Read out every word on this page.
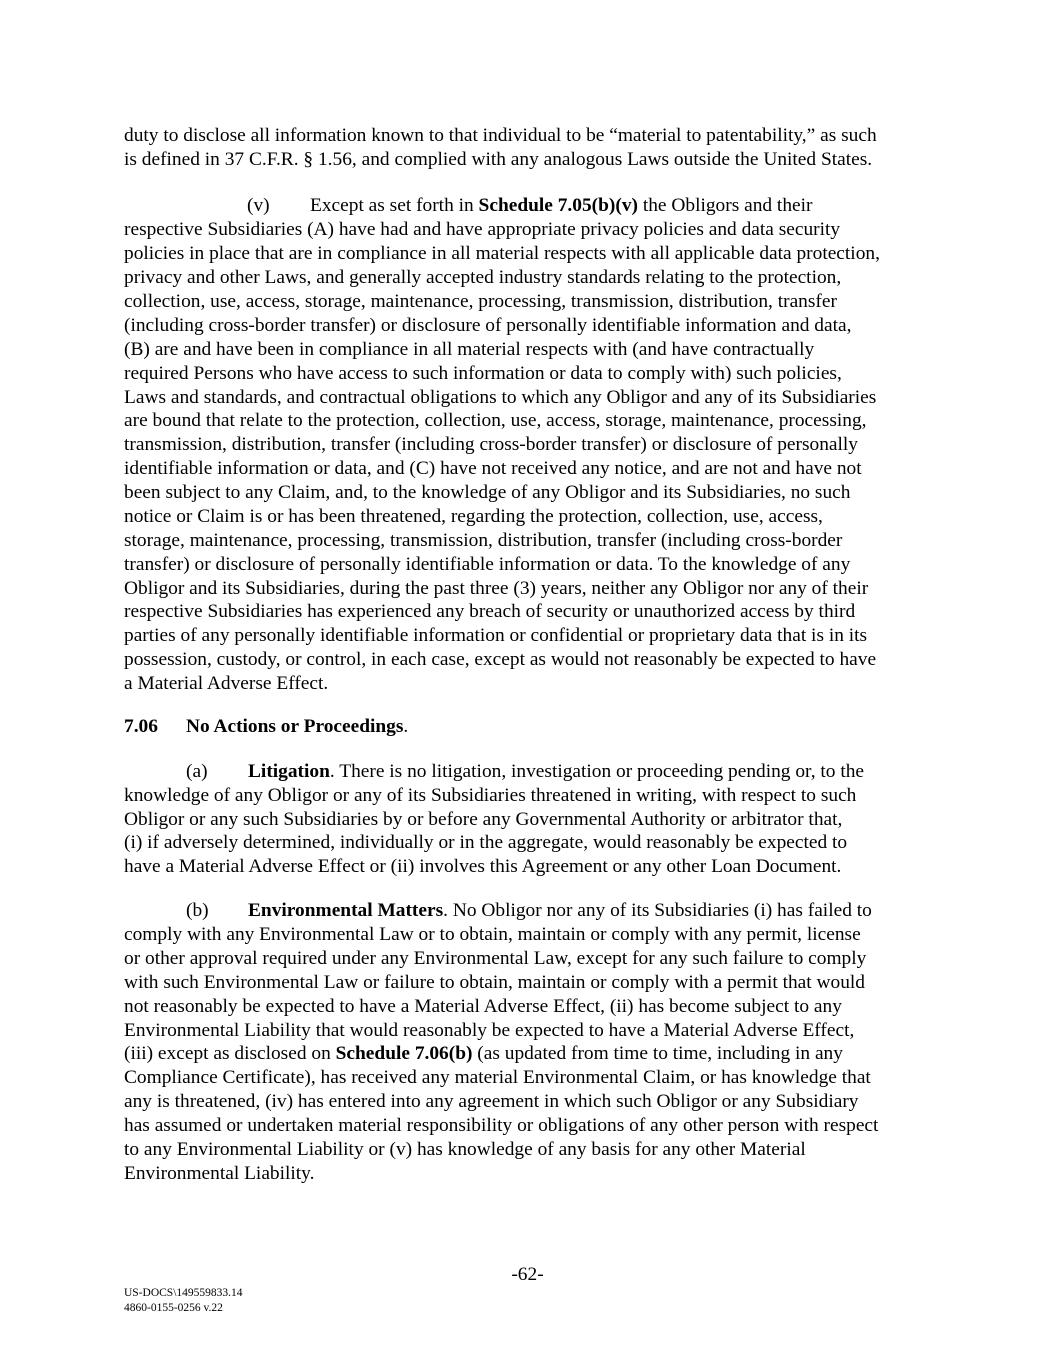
duty to disclose all information known to that individual to be “material to patentability,” as such
is defined in 37 C.F.R. § 1.56, and complied with any analogous Laws outside the United States.
(v) Except as set forth in Schedule 7.05(b)(v) the Obligors and their
respective Subsidiaries (A) have had and have appropriate privacy policies and data security
policies in place that are in compliance in all material respects with all applicable data protection,
privacy and other Laws, and generally accepted industry standards relating to the protection,
collection, use, access, storage, maintenance, processing, transmission, distribution, transfer
(including cross-border transfer) or disclosure of personally identifiable information and data,
(B) are and have been in compliance in all material respects with (and have contractually
required Persons who have access to such information or data to comply with) such policies,
Laws and standards, and contractual obligations to which any Obligor and any of its Subsidiaries
are bound that relate to the protection, collection, use, access, storage, maintenance, processing,
transmission, distribution, transfer (including cross-border transfer) or disclosure of personally
identifiable information or data, and (C) have not received any notice, and are not and have not
been subject to any Claim, and, to the knowledge of any Obligor and its Subsidiaries, no such
notice or Claim is or has been threatened, regarding the protection, collection, use, access,
storage, maintenance, processing, transmission, distribution, transfer (including cross-border
transfer) or disclosure of personally identifiable information or data. To the knowledge of any
Obligor and its Subsidiaries, during the past three (3) years, neither any Obligor nor any of their
respective Subsidiaries has experienced any breach of security or unauthorized access by third
parties of any personally identifiable information or confidential or proprietary data that is in its
possession, custody, or control, in each case, except as would not reasonably be expected to have
a Material Adverse Effect.
7.06 No Actions or Proceedings.
(a) Litigation. There is no litigation, investigation or proceeding pending or, to the
knowledge of any Obligor or any of its Subsidiaries threatened in writing, with respect to such
Obligor or any such Subsidiaries by or before any Governmental Authority or arbitrator that,
(i) if adversely determined, individually or in the aggregate, would reasonably be expected to
have a Material Adverse Effect or (ii) involves this Agreement or any other Loan Document.
(b) Environmental Matters. No Obligor nor any of its Subsidiaries (i) has failed to
comply with any Environmental Law or to obtain, maintain or comply with any permit, license
or other approval required under any Environmental Law, except for any such failure to comply
with such Environmental Law or failure to obtain, maintain or comply with a permit that would
not reasonably be expected to have a Material Adverse Effect, (ii) has become subject to any
Environmental Liability that would reasonably be expected to have a Material Adverse Effect,
(iii) except as disclosed on Schedule 7.06(b) (as updated from time to time, including in any
Compliance Certificate), has received any material Environmental Claim, or has knowledge that
any is threatened, (iv) has entered into any agreement in which such Obligor or any Subsidiary
has assumed or undertaken material responsibility or obligations of any other person with respect
to any Environmental Liability or (v) has knowledge of any basis for any other Material
Environmental Liability.
-62-
US-DOCS\149559833.14
4860-0155-0256 v.22
